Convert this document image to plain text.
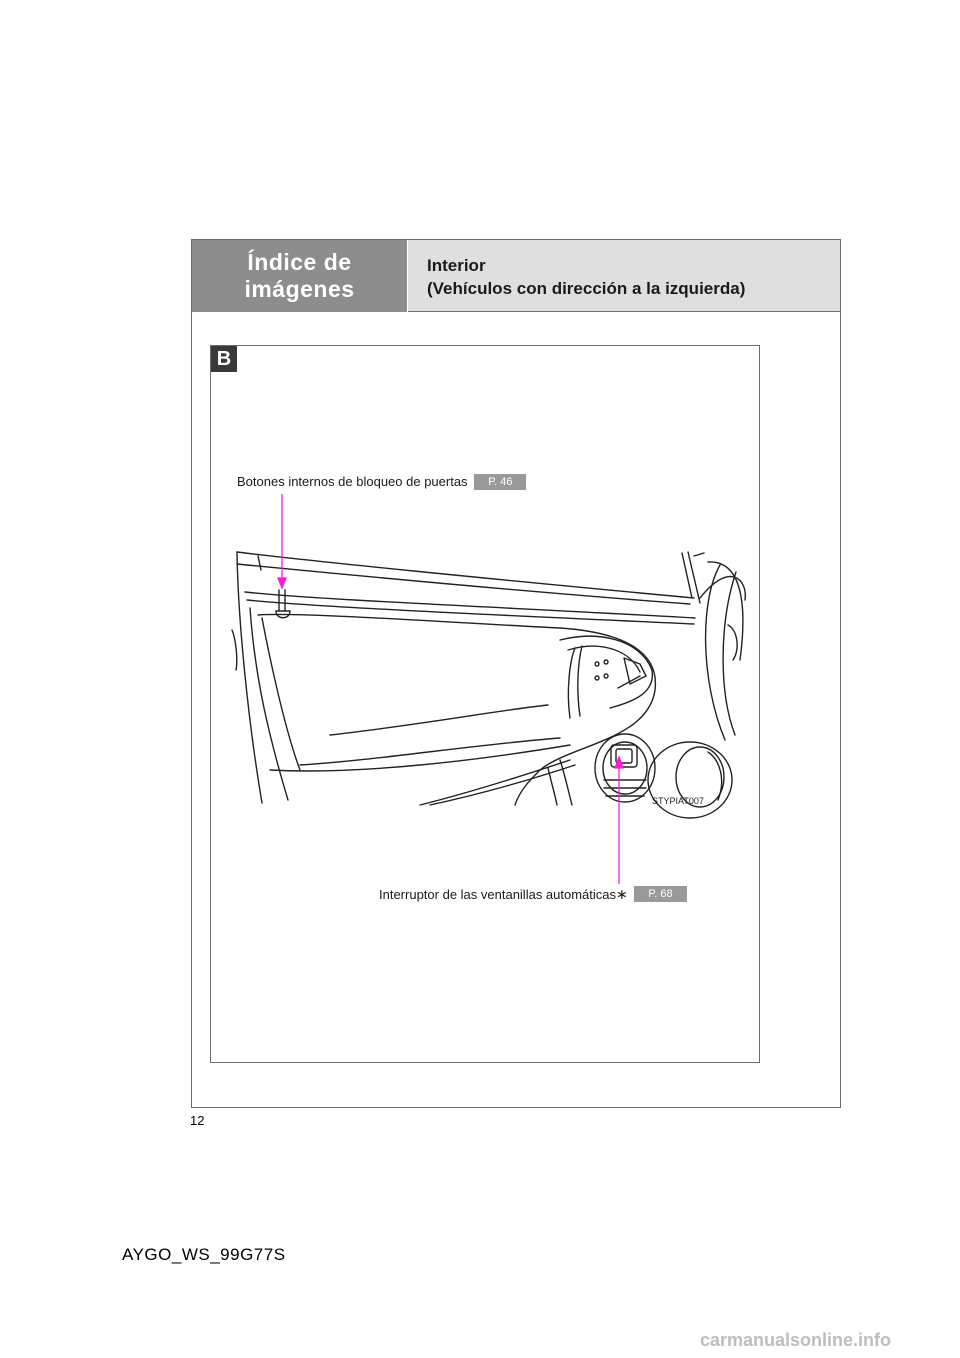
Índice de
imágenes
Interior
(Vehículos con dirección a la izquierda)
B
Botones internos de bloqueo de puertas P. 46
Interruptor de las ventanillas automáticas∗ P. 68
STYPIAT007
12
AYGO_WS_99G77S
carmanualsonline.info
